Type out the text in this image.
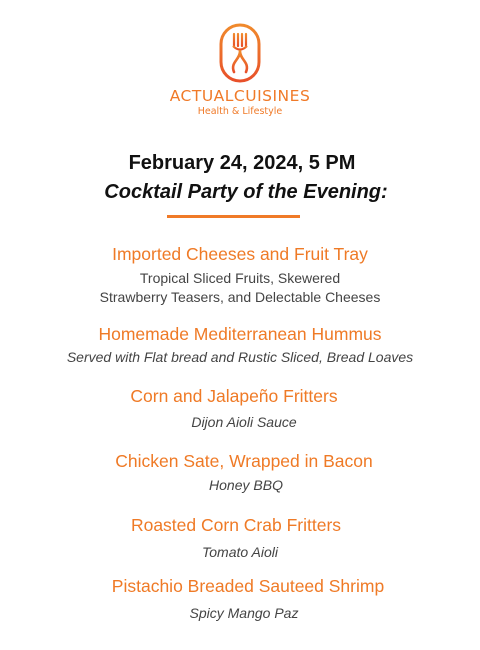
ACTUALCUISINES
Health & Lifestyle
February 24, 2024, 5 PM
Cocktail Party of the Evening:
Imported Cheeses and Fruit Tray
Tropical Sliced Fruits, Skewered
Strawberry Teasers, and Delectable Cheeses
Homemade Mediterranean Hummus
Served with Flat bread and Rustic Sliced, Bread Loaves
Corn and Jalapeño Fritters
Dijon Aioli Sauce
Chicken Sate, Wrapped in Bacon
Honey BBQ
Roasted Corn Crab Fritters
Tomato Aioli
Pistachio Breaded Sauteed Shrimp
Spicy Mango Paz
